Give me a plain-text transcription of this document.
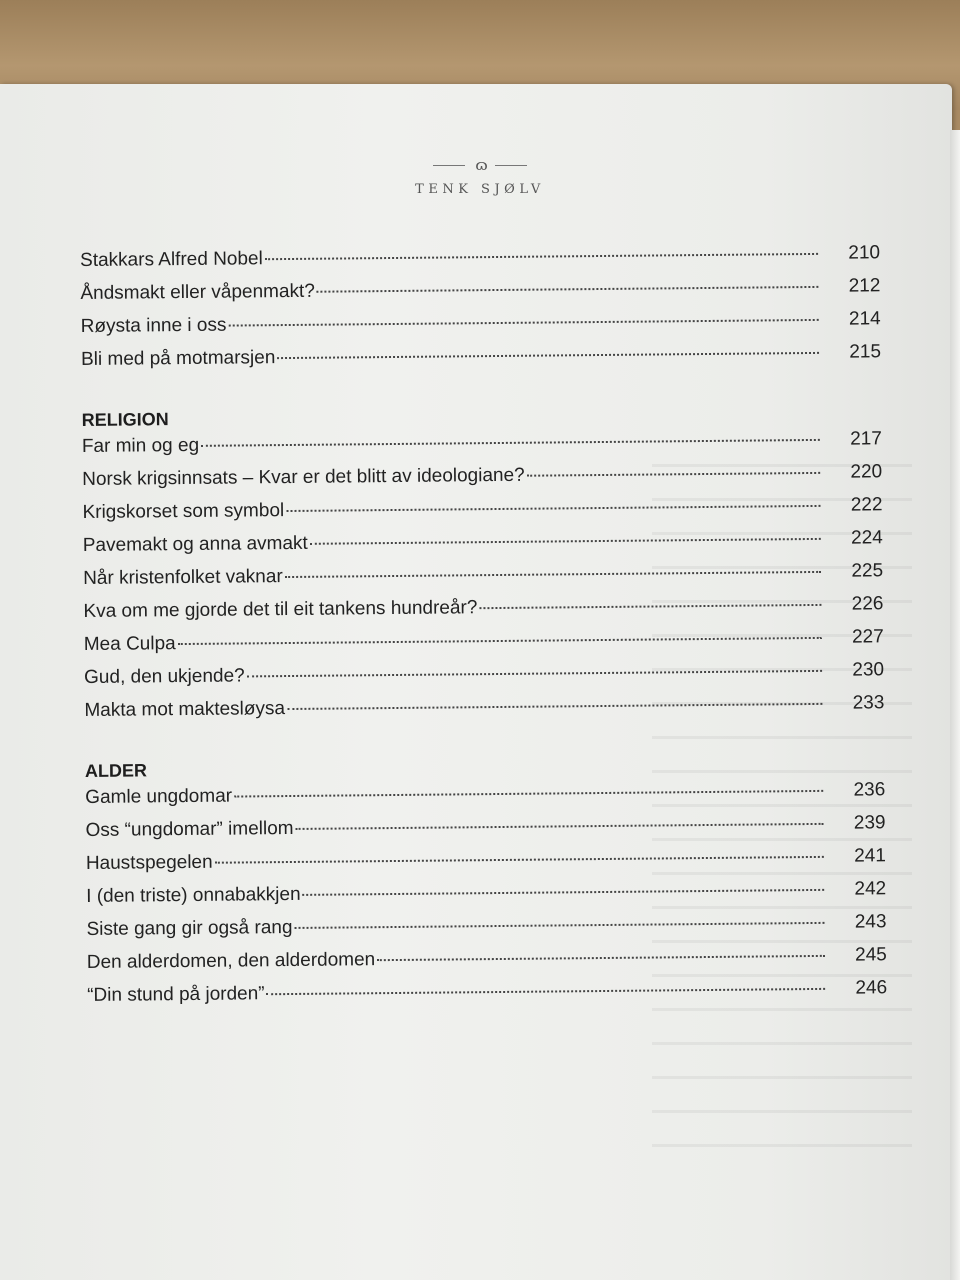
ɷ
TENK SJØLV
Stakkars Alfred Nobel	210
Åndsmakt eller våpenmakt?	212
Røysta inne i oss	214
Bli med på motmarsjen	215
RELIGION
Far min og eg	217
Norsk krigsinnsats – Kvar er det blitt av ideologiane?	220
Krigskorset som symbol	222
Pavemakt og anna avmakt	224
Når kristenfolket vaknar	225
Kva om me gjorde det til eit tankens hundreår?	226
Mea Culpa	227
Gud, den ukjende?	230
Makta mot maktesløysa	233
ALDER
Gamle ungdomar	236
Oss “ungdomar” imellom	239
Haustspegelen	241
I (den triste) onnabakkjen	242
Siste gang gir også rang	243
Den alderdomen, den alderdomen	245
“Din stund på jorden”	246
